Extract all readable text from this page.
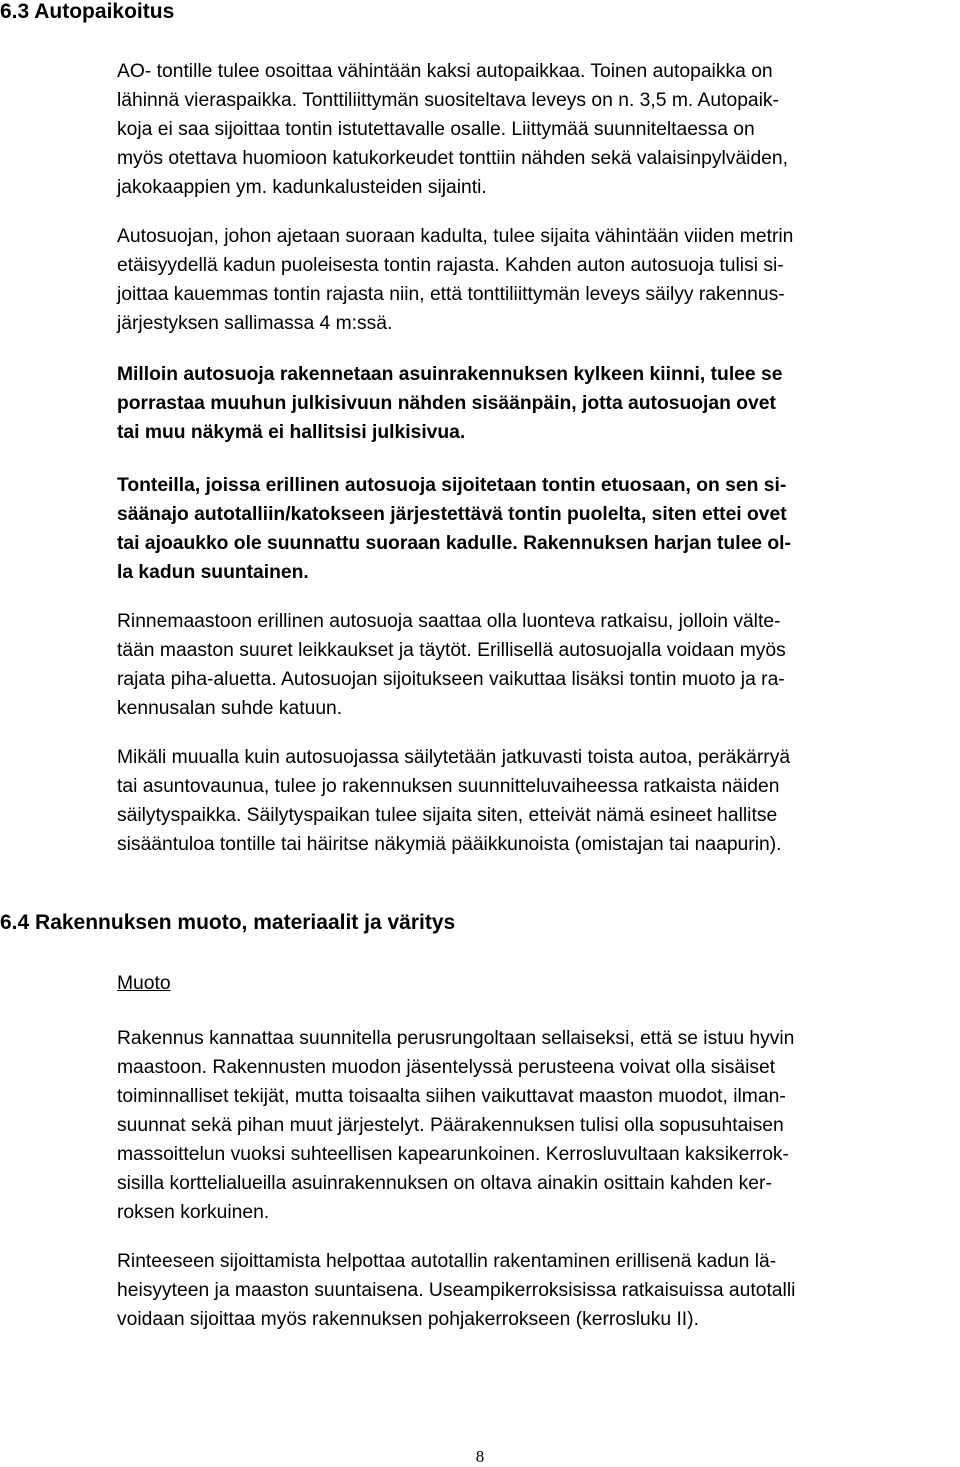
6.3 Autopaikoitus
AO- tontille tulee osoittaa vähintään kaksi autopaikkaa. Toinen autopaikka on
lähinnä vieraspaikka. Tonttiliittymän suositeltava leveys on n. 3,5 m. Autopaik-
koja ei saa sijoittaa tontin istutettavalle osalle. Liittymää suunniteltaessa on
myös otettava huomioon katukorkeudet tonttiin nähden sekä valaisinpylväiden,
jakokaappien ym. kadunkalusteiden sijainti.
Autosuojan, johon ajetaan suoraan kadulta, tulee sijaita vähintään viiden metrin
etäisyydellä kadun puoleisesta tontin rajasta. Kahden auton autosuoja tulisi si-
joittaa kauemmas tontin rajasta niin, että tonttiliittymän leveys säilyy rakennus-
järjestyksen sallimassa 4 m:ssä.
Milloin autosuoja rakennetaan asuinrakennuksen kylkeen kiinni, tulee se
porrastaa muuhun julkisivuun nähden sisäänpäin, jotta autosuojan ovet
tai muu näkymä ei hallitsisi julkisivua.
Tonteilla, joissa erillinen autosuoja sijoitetaan tontin etuosaan, on sen si-
säänajo autotalliin/katokseen järjestettävä tontin puolelta, siten ettei ovet
tai ajoaukko ole suunnattu suoraan kadulle. Rakennuksen harjan tulee ol-
la kadun suuntainen.
Rinnemaastoon erillinen autosuoja saattaa olla luonteva ratkaisu, jolloin välte-
tään maaston suuret leikkaukset ja täytöt. Erillisellä autosuojalla voidaan myös
rajata piha-aluetta. Autosuojan sijoitukseen vaikuttaa lisäksi tontin muoto ja ra-
kennusalan suhde katuun.
Mikäli muualla kuin autosuojassa säilytetään jatkuvasti toista autoa, peräkärryä
tai asuntovaunua, tulee jo rakennuksen suunnitteluvaiheessa ratkaista näiden
säilytyspaikka. Säilytyspaikan tulee sijaita siten, etteivät nämä esineet hallitse
sisääntuloa tontille tai häiritse näkymiä pääikkunoista (omistajan tai naapurin).
6.4 Rakennuksen muoto, materiaalit ja väritys
Muoto
Rakennus kannattaa suunnitella perusrungoltaan sellaiseksi, että se istuu hyvin
maastoon. Rakennusten muodon jäsentelyssä perusteena voivat olla sisäiset
toiminnalliset tekijät, mutta toisaalta siihen vaikuttavat maaston muodot, ilman-
suunnat sekä pihan muut järjestelyt. Päärakennuksen tulisi olla sopusuhtaisen
massoittelun vuoksi suhteellisen kapearunkoinen. Kerrosluvultaan kaksikerrok-
sisilla korttelialueilla asuinrakennuksen on oltava ainakin osittain kahden ker-
roksen korkuinen.
Rinteeseen sijoittamista helpottaa autotallin rakentaminen erillisenä kadun lä-
heisyyteen ja maaston suuntaisena. Useampikerroksisissa ratkaisuissa autotalli
voidaan sijoittaa myös rakennuksen pohjakerrokseen (kerrosluku II).
8
